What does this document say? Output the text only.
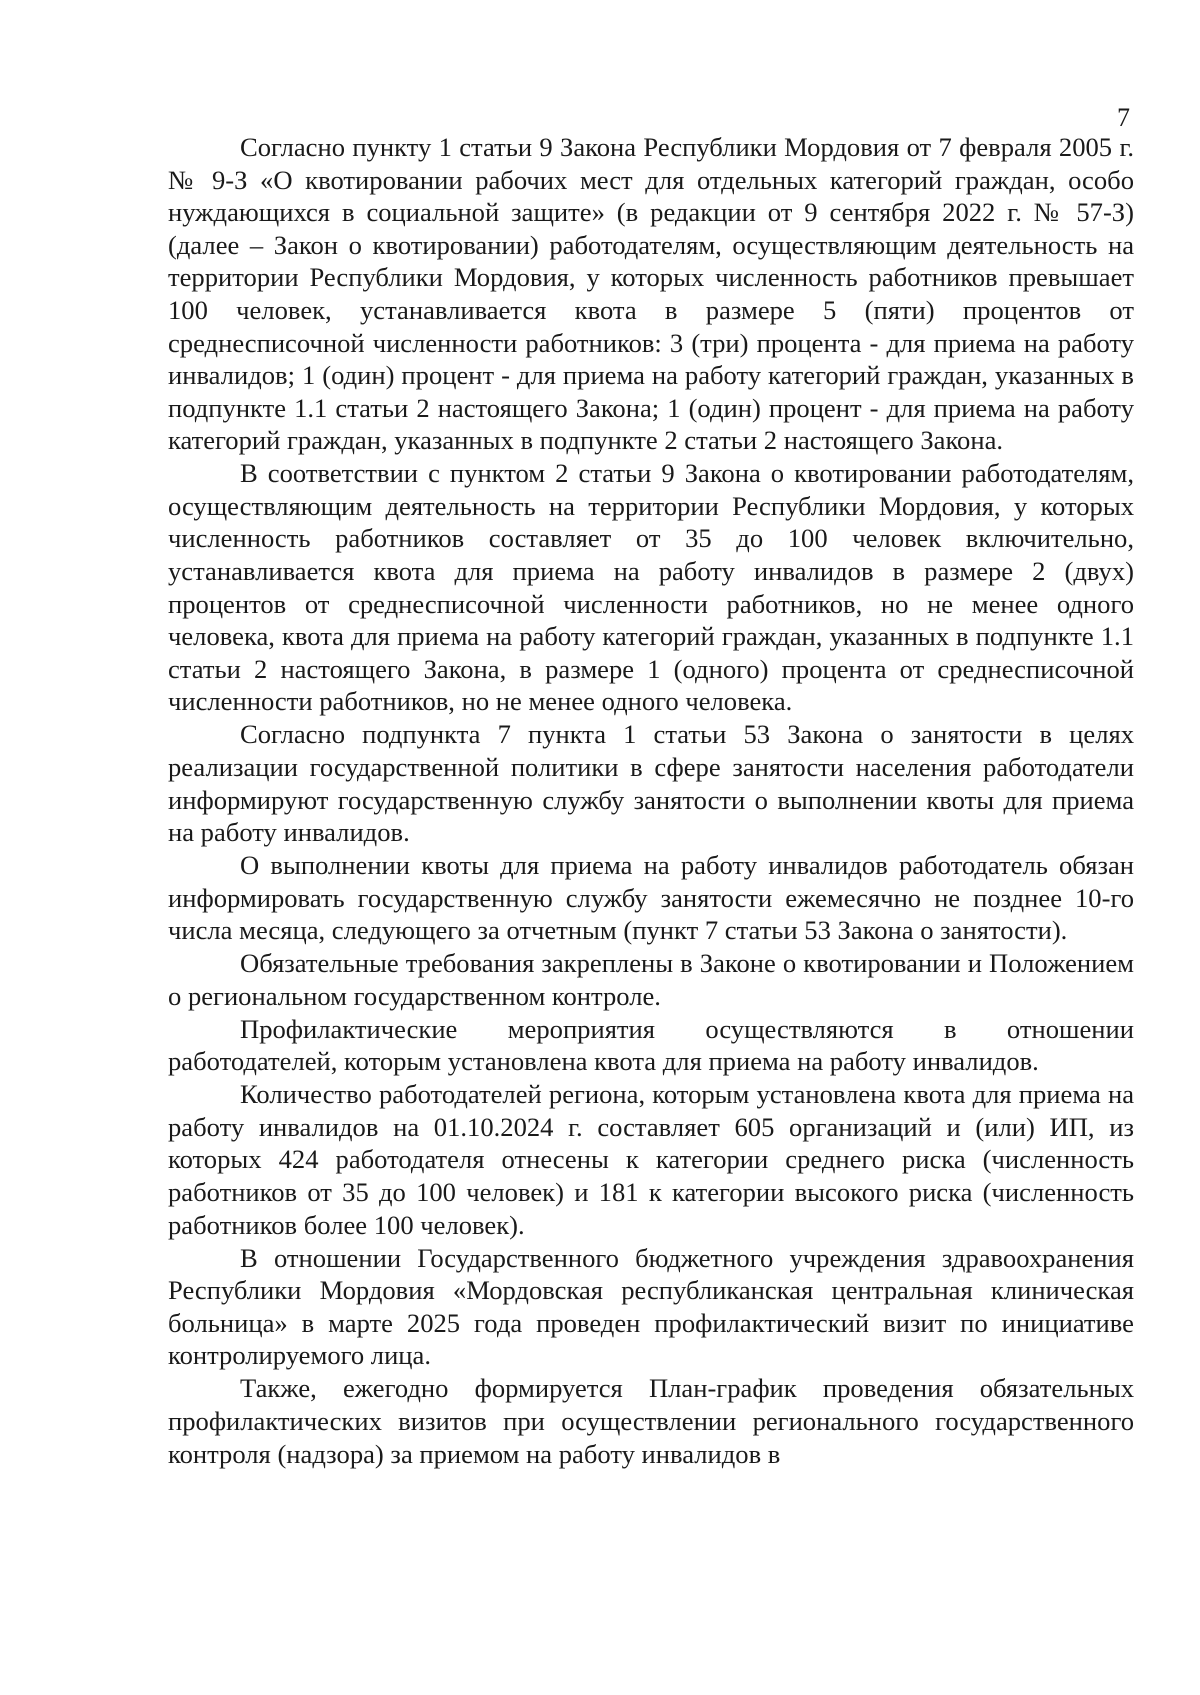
7

Согласно пункту 1 статьи 9 Закона Республики Мордовия от 7 февраля 2005 г. № 9-З «О квотировании рабочих мест для отдельных категорий граждан, особо нуждающихся в социальной защите» (в редакции от 9 сентября 2022 г. № 57-З) (далее – Закон о квотировании) работодателям, осуществляющим деятельность на территории Республики Мордовия, у которых численность работников превышает 100 человек, устанавливается квота в размере 5 (пяти) процентов от среднесписочной численности работников: 3 (три) процента - для приема на работу инвалидов; 1 (один) процент - для приема на работу категорий граждан, указанных в подпункте 1.1 статьи 2 настоящего Закона; 1 (один) процент - для приема на работу категорий граждан, указанных в подпункте 2 статьи 2 настоящего Закона.

В соответствии с пунктом 2 статьи 9 Закона о квотировании работодателям, осуществляющим деятельность на территории Республики Мордовия, у которых численность работников составляет от 35 до 100 человек включительно, устанавливается квота для приема на работу инвалидов в размере 2 (двух) процентов от среднесписочной численности работников, но не менее одного человека, квота для приема на работу категорий граждан, указанных в подпункте 1.1 статьи 2 настоящего Закона, в размере 1 (одного) процента от среднесписочной численности работников, но не менее одного человека.

Согласно подпункта 7 пункта 1 статьи 53 Закона о занятости в целях реализации государственной политики в сфере занятости населения работодатели информируют государственную службу занятости о выполнении квоты для приема на работу инвалидов.

О выполнении квоты для приема на работу инвалидов работодатель обязан информировать государственную службу занятости ежемесячно не позднее 10-го числа месяца, следующего за отчетным (пункт 7 статьи 53 Закона о занятости).

Обязательные требования закреплены в Законе о квотировании и Положением о региональном государственном контроле.

Профилактические мероприятия осуществляются в отношении работодателей, которым установлена квота для приема на работу инвалидов.

Количество работодателей региона, которым установлена квота для приема на работу инвалидов на 01.10.2024 г. составляет 605 организаций и (или) ИП, из которых 424 работодателя отнесены к категории среднего риска (численность работников от 35 до 100 человек) и 181 к категории высокого риска (численность работников более 100 человек).

В отношении Государственного бюджетного учреждения здравоохранения Республики Мордовия «Мордовская республиканская центральная клиническая больница» в марте 2025 года проведен профилактический визит по инициативе контролируемого лица.

Также, ежегодно формируется План-график проведения обязательных профилактических визитов при осуществлении регионального государственного контроля (надзора) за приемом на работу инвалидов в
